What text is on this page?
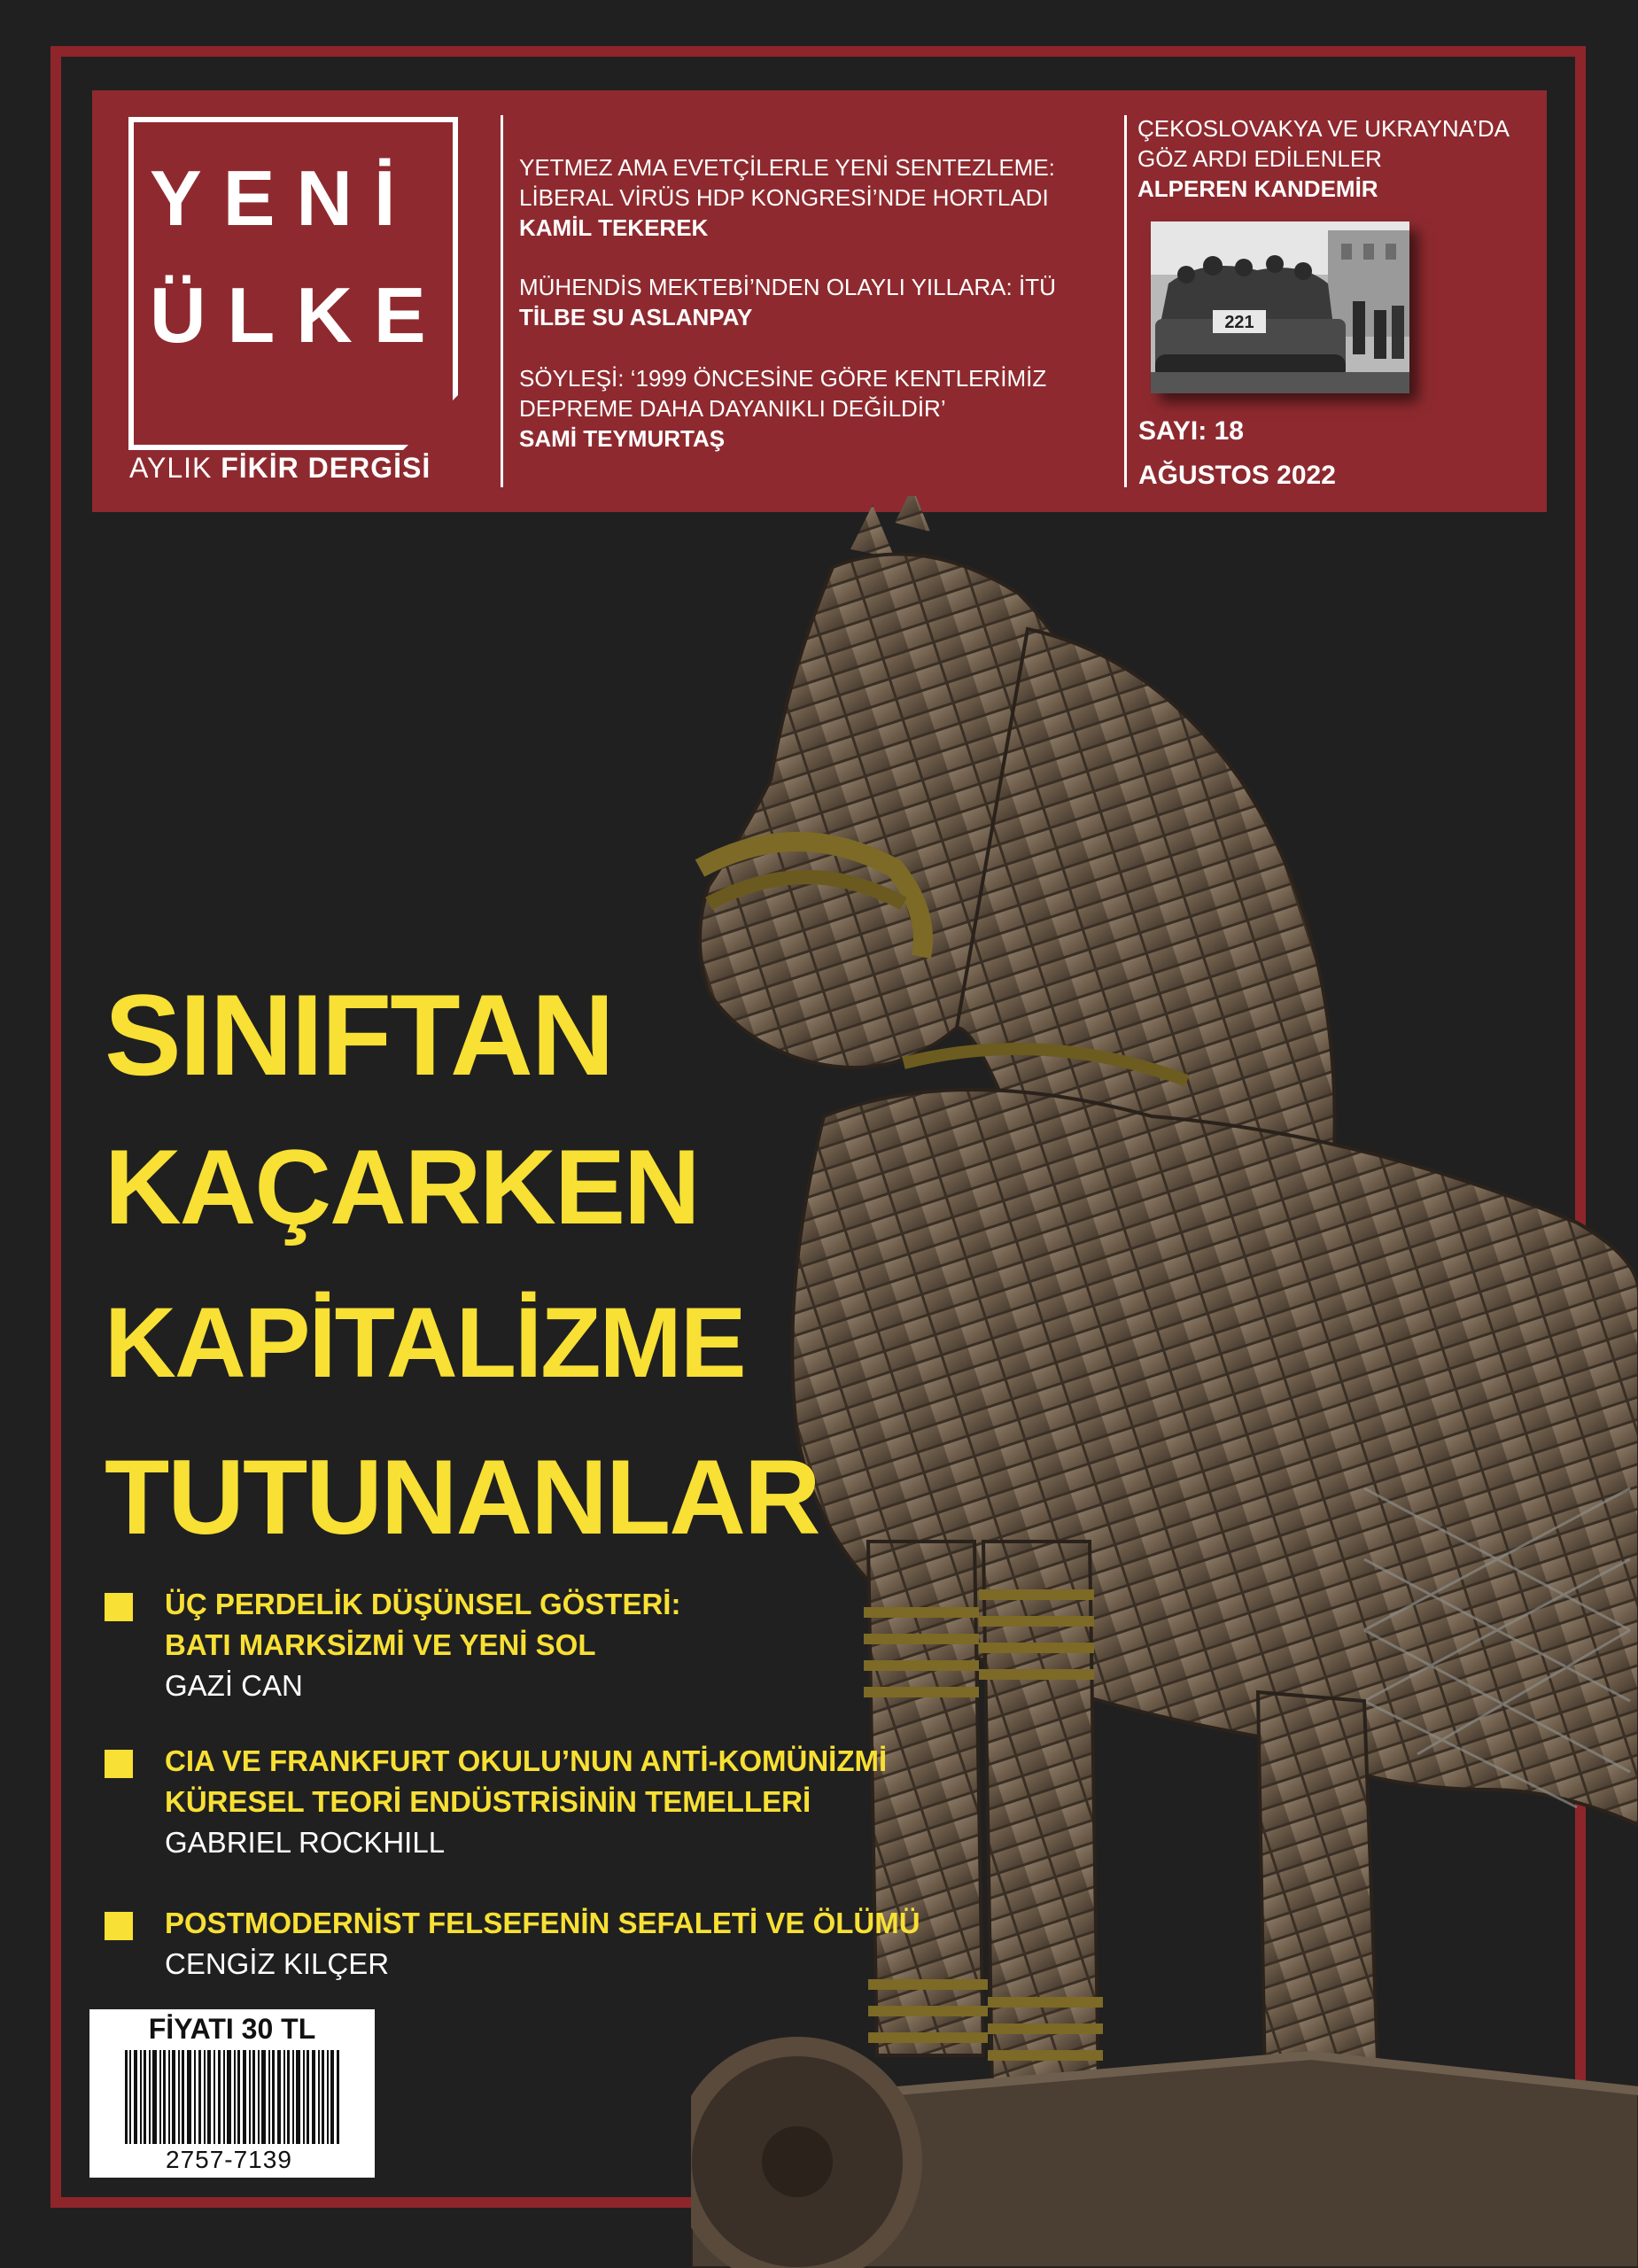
YENİ
ÜLKE
AYLIK FİKİR DERGİSİ
YETMEZ AMA EVETÇİLERLE YENİ SENTEZLEME:
LİBERAL VİRÜS HDP KONGRESİ’NDE HORTLADI
KAMİL TEKEREK
MÜHENDİS MEKTEBİ’NDEN OLAYLI YILLARA: İTÜ
TİLBE SU ASLANPAY
SÖYLEŞİ: ‘1999 ÖNCESİNE GÖRE KENTLERİMİZ
DEPREME DAHA DAYANIKLI DEĞİLDİR’
SAMİ TEYMURTAŞ
ÇEKOSLOVAKYA VE UKRAYNA’DA
GÖZ ARDI EDİLENLER
ALPEREN KANDEMİR
221
SAYI: 18
AĞUSTOS 2022
SINIFTAN
KAÇARKEN
KAPİTALİZME
TUTUNANLAR
ÜÇ PERDELİK DÜŞÜNSEL GÖSTERİ:
BATI MARKSİZMİ VE YENİ SOL
GAZİ CAN
CIA VE FRANKFURT OKULU’NUN ANTİ-KOMÜNİZMİ
KÜRESEL TEORİ ENDÜSTRİSİNİN TEMELLERİ
GABRIEL ROCKHILL
POSTMODERNİST FELSEFENİN SEFALETİ VE ÖLÜMÜ
CENGİZ KILÇER
FİYATI 30 TL
2757-7139
